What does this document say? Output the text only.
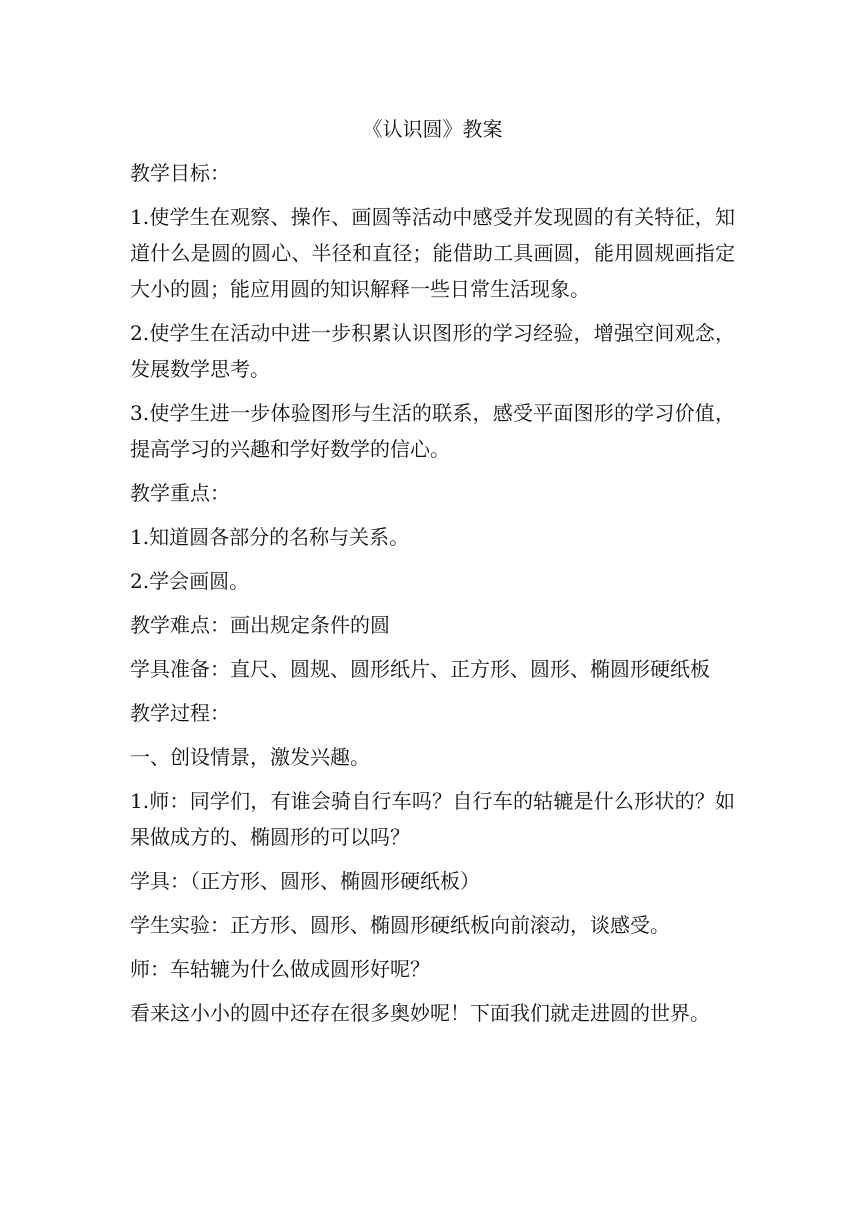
《认识圆》教案
教学目标：
1.使学生在观察、操作、画圆等活动中感受并发现圆的有关特征，知道什么是圆的圆心、半径和直径；能借助工具画圆，能用圆规画指定大小的圆；能应用圆的知识解释一些日常生活现象。
2.使学生在活动中进一步积累认识图形的学习经验，增强空间观念，发展数学思考。
3.使学生进一步体验图形与生活的联系，感受平面图形的学习价值，提高学习的兴趣和学好数学的信心。
教学重点：
1.知道圆各部分的名称与关系。
2.学会画圆。
教学难点：画出规定条件的圆
学具准备：直尺、圆规、圆形纸片、正方形、圆形、椭圆形硬纸板
教学过程：
一、创设情景，激发兴趣。
1.师：同学们，有谁会骑自行车吗？自行车的轱辘是什么形状的？如果做成方的、椭圆形的可以吗？
学具：（正方形、圆形、椭圆形硬纸板）
学生实验：正方形、圆形、椭圆形硬纸板向前滚动，谈感受。
师：车轱辘为什么做成圆形好呢？
看来这小小的圆中还存在很多奥妙呢！下面我们就走进圆的世界。
